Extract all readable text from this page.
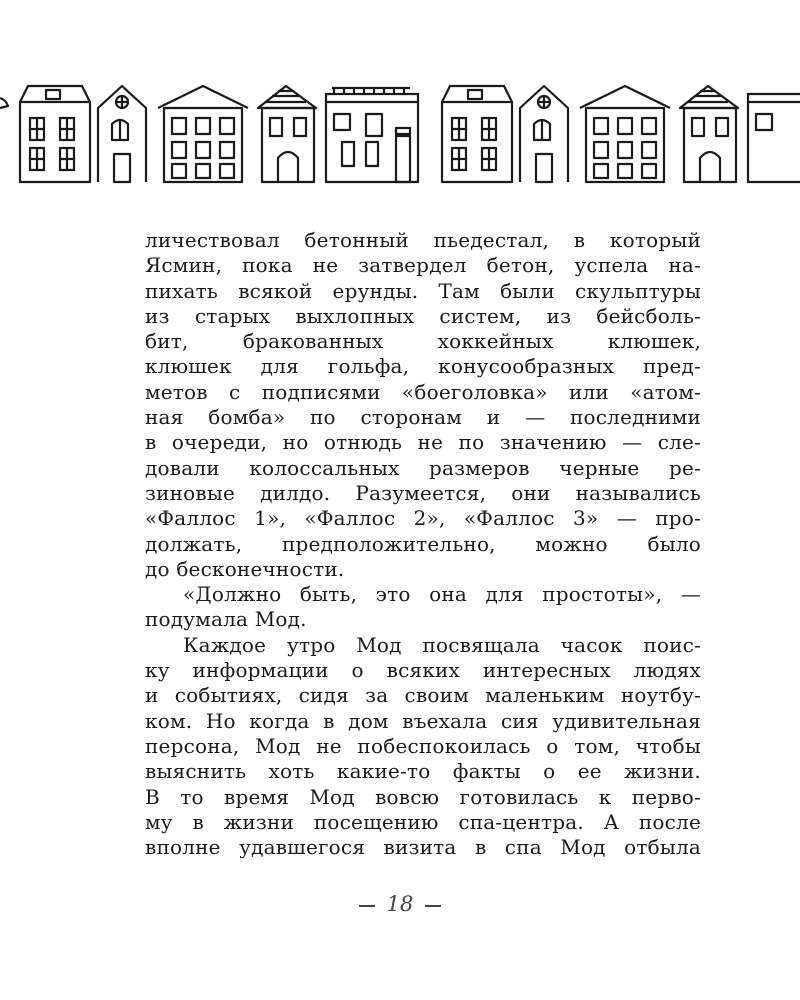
личествовал бетонный пьедестал, в который
Ясмин, пока не затвердел бетон, успела на-
пихать всякой ерунды. Там были скульптуры
из старых выхлопных систем, из бейсболь-
бит, бракованных хоккейных клюшек,
клюшек для гольфа, конусообразных пред-
метов с подписями «боеголовка» или «атом-
ная бомба» по сторонам и — последними
в очереди, но отнюдь не по значению — сле-
довали колоссальных размеров черные ре-
зиновые дилдо. Разумеется, они назывались
«Фаллос 1», «Фаллос 2», «Фаллос 3» — про-
должать, предположительно, можно было
до бесконечности.
«Должно быть, это она для простоты», —
подумала Мод.
Каждое утро Мод посвящала часок поис-
ку информации о всяких интересных людях
и событиях, сидя за своим маленьким ноутбу-
ком. Но когда в дом въехала сия удивительная
персона, Мод не побеспокоилась о том, чтобы
выяснить хоть какие-то факты о ее жизни.
В то время Мод вовсю готовилась к перво-
му в жизни посещению спа-центра. А после
вполне удавшегося визита в спа Мод отбыла
18
